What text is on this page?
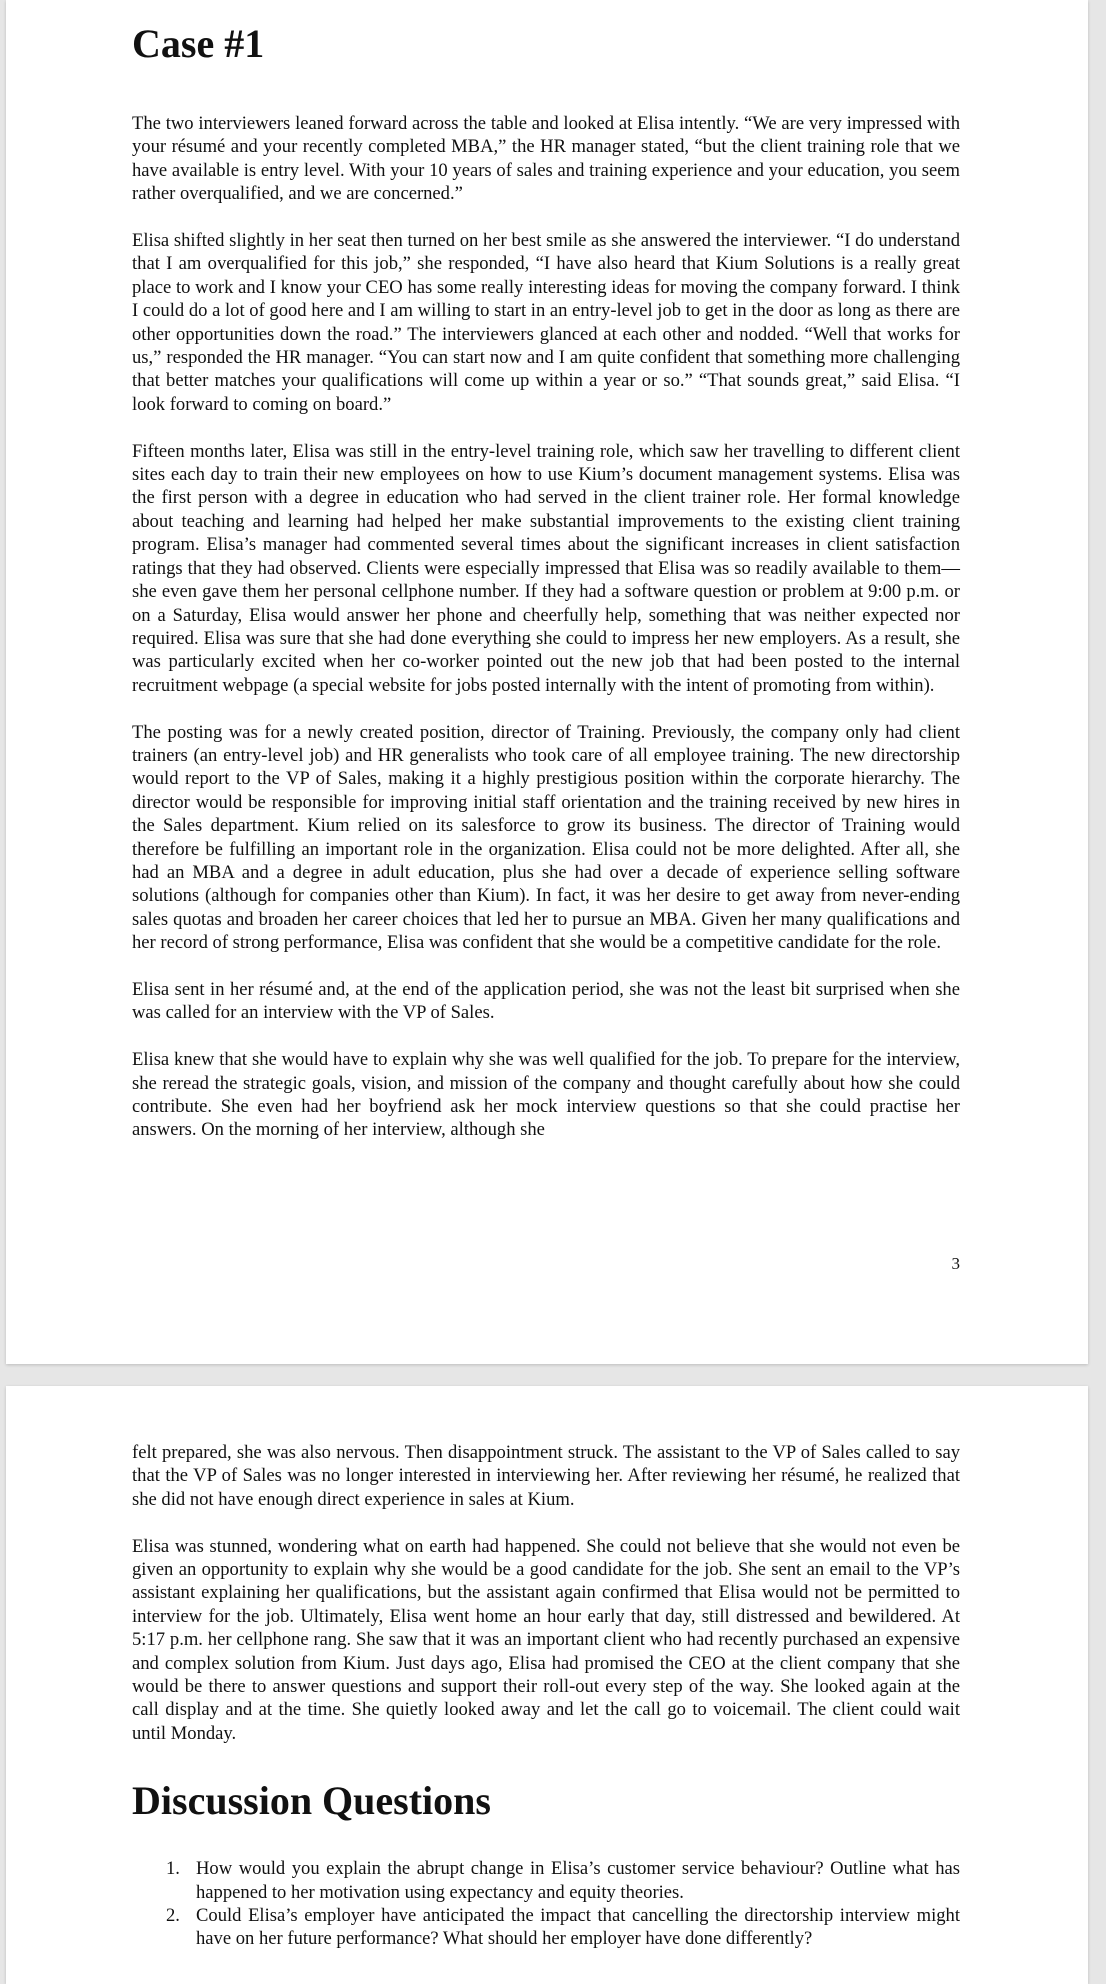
Case #1

The two interviewers leaned forward across the table and looked at Elisa intently. “We are very impressed with your résumé and your recently completed MBA,” the HR manager stated, “but the client training role that we have available is entry level. With your 10 years of sales and training experience and your education, you seem rather overqualified, and we are concerned.”

Elisa shifted slightly in her seat then turned on her best smile as she answered the interviewer. “I do understand that I am overqualified for this job,” she responded, “I have also heard that Kium Solutions is a really great place to work and I know your CEO has some really interesting ideas for moving the company forward. I think I could do a lot of good here and I am willing to start in an entry-level job to get in the door as long as there are other opportunities down the road.” The interviewers glanced at each other and nodded. “Well that works for us,” responded the HR manager. “You can start now and I am quite confident that something more challenging that better matches your qualifications will come up within a year or so.” “That sounds great,” said Elisa. “I look forward to coming on board.”

Fifteen months later, Elisa was still in the entry-level training role, which saw her travelling to different client sites each day to train their new employees on how to use Kium’s document management systems. Elisa was the first person with a degree in education who had served in the client trainer role. Her formal knowledge about teaching and learning had helped her make substantial improvements to the existing client training program. Elisa’s manager had commented several times about the significant increases in client satisfaction ratings that they had observed. Clients were especially impressed that Elisa was so readily available to them—she even gave them her personal cellphone number. If they had a software question or problem at 9:00 p.m. or on a Saturday, Elisa would answer her phone and cheerfully help, something that was neither expected nor required. Elisa was sure that she had done everything she could to impress her new employers. As a result, she was particularly excited when her co-worker pointed out the new job that had been posted to the internal recruitment webpage (a special website for jobs posted internally with the intent of promoting from within).

The posting was for a newly created position, director of Training. Previously, the company only had client trainers (an entry-level job) and HR generalists who took care of all employee training. The new directorship would report to the VP of Sales, making it a highly prestigious position within the corporate hierarchy. The director would be responsible for improving initial staff orientation and the training received by new hires in the Sales department. Kium relied on its salesforce to grow its business. The director of Training would therefore be fulfilling an important role in the organization. Elisa could not be more delighted. After all, she had an MBA and a degree in adult education, plus she had over a decade of experience selling software solutions (although for companies other than Kium). In fact, it was her desire to get away from never-ending sales quotas and broaden her career choices that led her to pursue an MBA. Given her many qualifications and her record of strong performance, Elisa was confident that she would be a competitive candidate for the role.

Elisa sent in her résumé and, at the end of the application period, she was not the least bit surprised when she was called for an interview with the VP of Sales.

Elisa knew that she would have to explain why she was well qualified for the job. To prepare for the interview, she reread the strategic goals, vision, and mission of the company and thought carefully about how she could contribute. She even had her boyfriend ask her mock interview questions so that she could practise her answers. On the morning of her interview, although she

3

felt prepared, she was also nervous. Then disappointment struck. The assistant to the VP of Sales called to say that the VP of Sales was no longer interested in interviewing her. After reviewing her résumé, he realized that she did not have enough direct experience in sales at Kium.

Elisa was stunned, wondering what on earth had happened. She could not believe that she would not even be given an opportunity to explain why she would be a good candidate for the job. She sent an email to the VP’s assistant explaining her qualifications, but the assistant again confirmed that Elisa would not be permitted to interview for the job. Ultimately, Elisa went home an hour early that day, still distressed and bewildered. At 5:17 p.m. her cellphone rang. She saw that it was an important client who had recently purchased an expensive and complex solution from Kium. Just days ago, Elisa had promised the CEO at the client company that she would be there to answer questions and support their roll-out every step of the way. She looked again at the call display and at the time. She quietly looked away and let the call go to voicemail. The client could wait until Monday.

Discussion Questions
1. How would you explain the abrupt change in Elisa’s customer service behaviour? Outline what has happened to her motivation using expectancy and equity theories.
2. Could Elisa’s employer have anticipated the impact that cancelling the directorship interview might have on her future performance? What should her employer have done differently?
